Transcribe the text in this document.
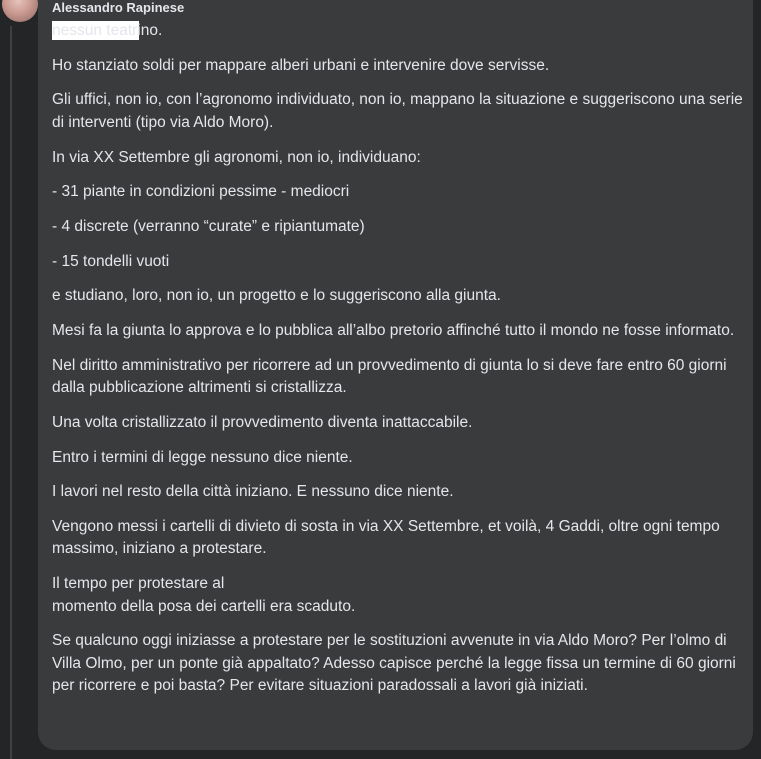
Alessandro Rapinese

nessun teatrino.

Ho stanziato soldi per mappare alberi urbani e intervenire dove servisse.

Gli uffici, non io, con l’agronomo individuato, non io, mappano la situazione e suggeriscono una serie di interventi (tipo via Aldo Moro).

In via XX Settembre gli agronomi, non io, individuano:

- 31 piante in condizioni pessime - mediocri

- 4 discrete (verranno “curate” e ripiantumate)

- 15 tondelli vuoti

e studiano, loro, non io, un progetto e lo suggeriscono alla giunta.

Mesi fa la giunta lo approva e lo pubblica all’albo pretorio affinché tutto il mondo ne fosse informato.

Nel diritto amministrativo per ricorrere ad un provvedimento di giunta lo si deve fare entro 60 giorni dalla pubblicazione altrimenti si cristallizza.

Una volta cristallizzato il provvedimento diventa inattaccabile.

Entro i termini di legge nessuno dice niente.

I lavori nel resto della città iniziano. E nessuno dice niente.

Vengono messi i cartelli di divieto di sosta in via XX Settembre, et voilà, 4 Gaddi, oltre ogni tempo massimo, iniziano a protestare.

Il tempo per protestare al
momento della posa dei cartelli era scaduto.

Se qualcuno oggi iniziasse a protestare per le sostituzioni avvenute in via Aldo Moro? Per l’olmo di Villa Olmo, per un ponte già appaltato? Adesso capisce perché la legge fissa un termine di 60 giorni per ricorrere e poi basta? Per evitare situazioni paradossali a lavori già iniziati.
